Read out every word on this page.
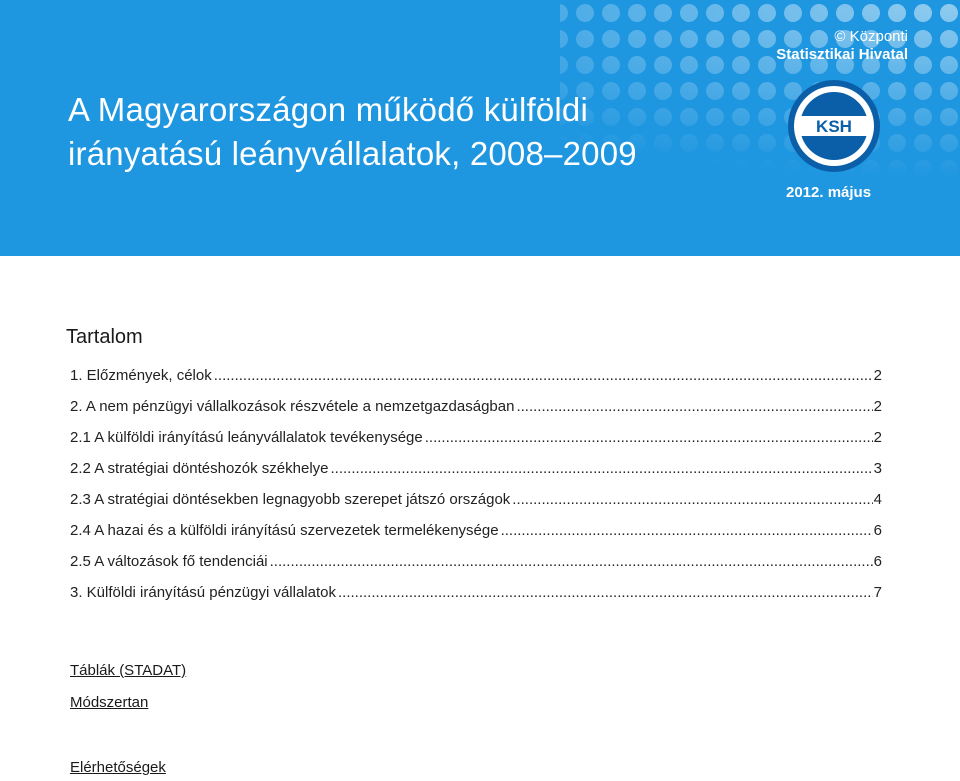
A Magyarországon működő külföldi
irányatású leányvállalatok, 2008–2009
© Központi
Statisztikai Hivatal
KSH
2012. május
Tartalom
1. Előzmények, célok .....	2
2. A nem pénzügyi vállalkozások részvétele a nemzetgazdaságban .....	2
2.1 A külföldi irányítású leányvállalatok tevékenysége .....	2
2.2 A stratégiai döntéshozók székhelye .....	3
2.3 A stratégiai döntésekben legnagyobb szerepet játszó országok .....	4
2.4 A hazai és a külföldi irányítású szervezetek termelékenysége .....	6
2.5 A változások fő tendenciái .....	6
3. Külföldi irányítású pénzügyi vállalatok .....	7
Táblák (STADAT)
Módszertan
Elérhetőségek
